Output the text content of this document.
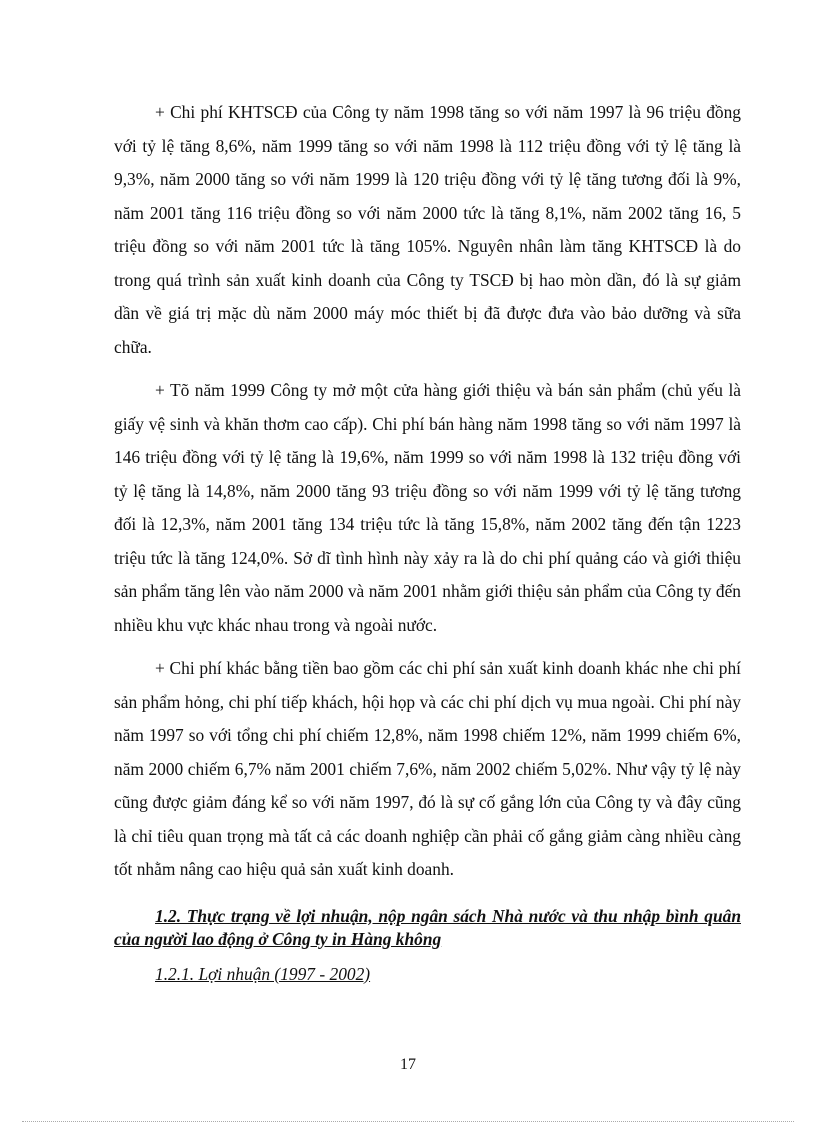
+ Chi phí KHTSCĐ của Công ty năm 1998 tăng so với năm 1997 là 96 triệu đồng với tỷ lệ tăng 8,6%, năm 1999 tăng so với năm 1998 là 112 triệu đồng với tỷ lệ tăng là 9,3%, năm 2000 tăng so với năm 1999 là 120 triệu đồng với tỷ lệ tăng tương đối là 9%, năm 2001 tăng 116 triệu đồng so với năm 2000 tức là tăng 8,1%, năm 2002 tăng 16, 5 triệu đồng so với năm 2001 tức là tăng 105%. Nguyên nhân làm tăng KHTSCĐ là do trong quá trình sản xuất kinh doanh của Công ty TSCĐ bị hao mòn dần, đó là sự giảm dần về giá trị mặc dù năm 2000 máy móc thiết bị đã được đưa vào bảo dưỡng và sữa chữa.

+ Tõ năm 1999 Công ty mở một cửa hàng giới thiệu và bán sản phẩm (chủ yếu là giấy vệ sinh và khăn thơm cao cấp). Chi phí bán hàng năm 1998 tăng so với năm 1997 là 146 triệu đồng với tỷ lệ tăng là 19,6%, năm 1999 so với năm 1998 là 132 triệu đồng với tỷ lệ tăng là 14,8%, năm 2000 tăng 93 triệu đồng so với năm 1999 với tỷ lệ tăng tương đối là 12,3%, năm 2001 tăng 134 triệu tức là tăng 15,8%, năm 2002 tăng đến tận 1223 triệu tức là tăng 124,0%. Sở dĩ tình hình này xảy ra là do chi phí quảng cáo và giới thiệu sản phẩm tăng lên vào năm 2000 và năm 2001 nhằm giới thiệu sản phẩm của Công ty đến nhiều khu vực khác nhau trong và ngoài nước.

+ Chi phí khác bằng tiền bao gồm các chi phí sản xuất kinh doanh khác nhe chi phí sản phẩm hỏng, chi phí tiếp khách, hội họp và các chi phí dịch vụ mua ngoài. Chi phí này năm 1997 so với tổng chi phí chiếm 12,8%, năm 1998 chiếm 12%, năm 1999 chiếm 6%, năm 2000 chiếm 6,7% năm 2001 chiếm 7,6%, năm 2002 chiếm 5,02%. Như vậy tỷ lệ này cũng được giảm đáng kể so với năm 1997, đó là sự cố gắng lớn của Công ty và đây cũng là chỉ tiêu quan trọng mà tất cả các doanh nghiệp cần phải cố gắng giảm càng nhiều càng tốt nhằm nâng cao hiệu quả sản xuất kinh doanh.

1.2. Thực trạng về lợi nhuận, nộp ngân sách Nhà nước và thu nhập bình quân của người lao động ở Công ty in Hàng không

1.2.1. Lợi nhuận (1997 - 2002)

17
